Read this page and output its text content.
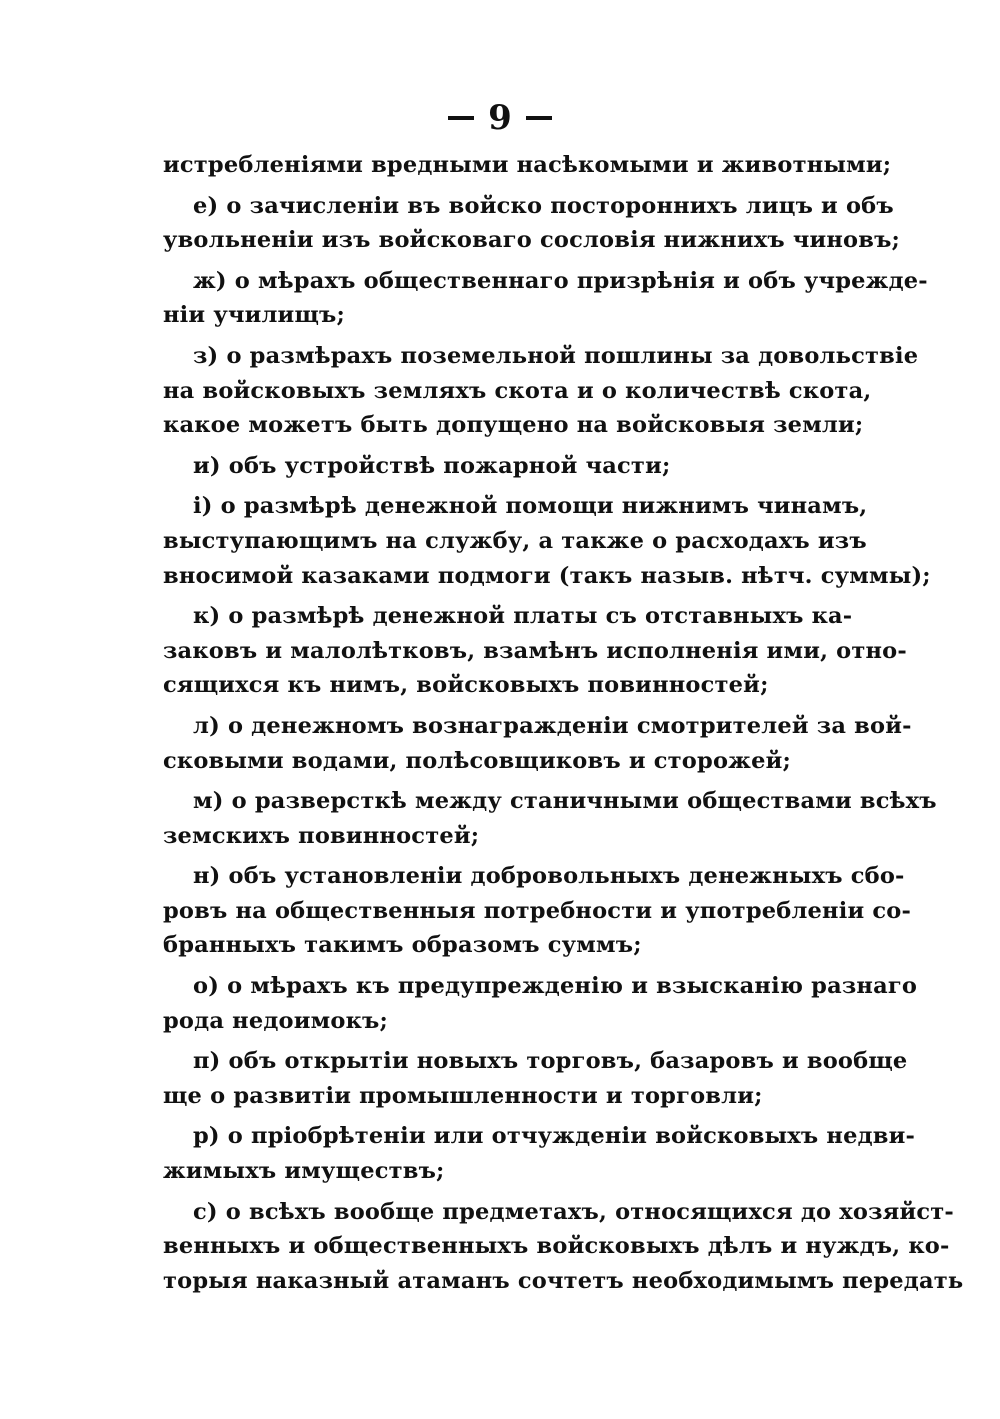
9
истребленіями вредными насѣкомыми и животными;
е) о зачисленіи въ войско постороннихъ лицъ и объ
увольненіи изъ войсковаго сословія нижнихъ чиновъ;
ж) о мѣрахъ общественнаго призрѣнія и объ учрежде-
ніи училищъ;
з) о размѣрахъ поземельной пошлины за довольствіе
на войсковыхъ земляхъ скота и о количествѣ скота,
какое можетъ быть допущено на войсковыя земли;
и) объ устройствѣ пожарной части;
і) о размѣрѣ денежной помощи нижнимъ чинамъ,
выступающимъ на службу, а также о расходахъ изъ
вносимой казаками подмоги (такъ назыв. нѣтч. суммы);
к) о размѣрѣ денежной платы съ отставныхъ ка-
заковъ и малолѣтковъ, взамѣнъ исполненія ими, отно-
сящихся къ нимъ, войсковыхъ повинностей;
л) о денежномъ вознагражденіи смотрителей за вой-
сковыми водами, полѣсовщиковъ и сторожей;
м) о разверсткѣ между станичными обществами всѣхъ
земскихъ повинностей;
н) объ установленіи добровольныхъ денежныхъ сбо-
ровъ на общественныя потребности и употребленіи со-
бранныхъ такимъ образомъ суммъ;
о) о мѣрахъ къ предупрежденію и взысканію разнаго
рода недоимокъ;
п) объ открытіи новыхъ торговъ, базаровъ и вообще
ще о развитіи промышленности и торговли;
р) о пріобрѣтеніи или отчужденіи войсковыхъ недви-
жимыхъ имуществъ;
с) о всѣхъ вообще предметахъ, относящихся до хозяйст-
венныхъ и общественныхъ войсковыхъ дѣлъ и нуждъ, ко-
торыя наказный атаманъ сочтетъ необходимымъ передать
